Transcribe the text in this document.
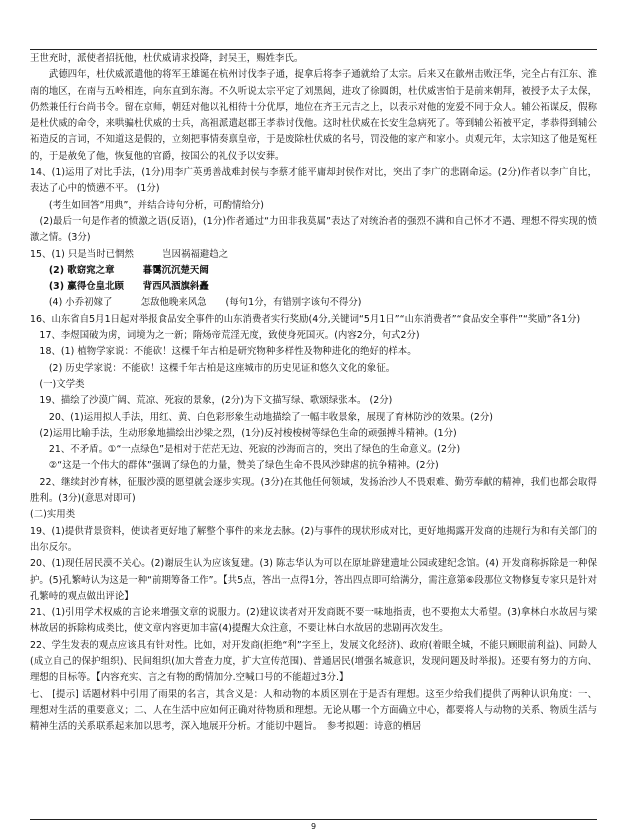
王世充时，派使者招抚他，杜伏威请求投降，封吴王，赐姓李氏。

　　武德四年，杜伏威派遣他的将军王雄诞在杭州讨伐李子通，捉拿后将李子通就给了太宗。后来又在歙州击败汪华，完全占有江东、淮南的地区，在南与五岭相连，向东直到东海。不久听说太宗平定了刘黑闼，进攻了徐圆朗，杜伏威害怕于是前来朝拜，被授予太子太保，仍然兼任行台尚书令。留在京师，朝廷对他以礼相待十分优厚，地位在齐王元吉之上，以表示对他的宠爱不同于众人。辅公祏谋反，假称是杜伏威的命令，来哄骗杜伏威的士兵，高祖派遣赵郡王孝恭讨伐他。这时杜伏威在长安生急病死了。等到辅公祏被平定，孝恭得到辅公祏造反的言词，不知道这是假的，立刻把事情奏禀皇帝，于是废除杜伏威的名号，罚没他的家产和家小。贞观元年，太宗知这了他是冤枉的，于是赦免了他，恢复他的官爵，按国公的礼仪予以安葬。

14、(1)运用了对比手法，(1分)用李广英勇善战难封侯与李蔡才能平庸却封侯作对比，突出了李广的悲剧命运。(2分)作者以李广自比，表达了心中的愤懑不平。 (1分)

　　(考生如回答“用典”，并结合诗句分析，可酌情给分)

　(2)最后一句是作者的愤激之语(反语)，(1分)作者通过“力田非我莫属”表达了对统治者的强烈不满和自己怀才不遇、理想不得实现的愤激之情。(3分)

15、(1) 只是当时已惘然　　　岂因祸福避趋之

　　(2) 歌窈窕之章　　　暮霭沉沉楚天阔

　　(3) 赢得仓皇北顾　　背西风酒旗斜矗

　　(4) 小乔初嫁了　　　怎敌他晚来风急　　(每句1分，有错别字该句不得分)

16、山东省自5月1日起对举报食品安全事件的山东消费者实行奖励(4分,关键词“5月1日”“山东消费者”“食品安全事件”“奖励”各1分)

　17、李煜国破为虏，词境为之一新；隋炀帝荒淫无度，致使身死国灭。(内容2分，句式2分)

　18、(1) 植物学家说：不能砍！这棵千年古柏是研究物种多样性及物种进化的绝好的样本。

　　(2) 历史学家说：不能砍！这棵千年古柏是这座城市的历史见证和悠久文化的象征。

　(一)文学类

　19、描绘了沙漠广阔、荒凉、死寂的景象，(2分)为下文描写绿、歌颂绿张本。 (2分)

　　20、(1)运用拟人手法，用红、黄、白色彩形象生动地描绘了一幅丰收景象，展现了育林防沙的效果。(2分)

　(2)运用比喻手法，生动形象地描绘出沙梁之烈，(1分)反衬梭梭树等绿色生命的顽强搏斗精神。(1分)

　　21、不矛盾。①“一点绿色”是相对于茫茫无边、死寂的沙海而言的，突出了绿色的生命意义。(2分)

　　②“这是一个伟大的群体”强调了绿色的力量，赞美了绿色生命不畏风沙肆虐的抗争精神。(2分)

　22、继续封沙育林，征服沙漠的愿望就会逐步实现。(3分)在其他任何领域，发扬治沙人不畏艰难、勤劳奉献的精神，我们也都会取得胜利。(3分)(意思对即可)

(二)实用类

19、(1)提供背景资料，使读者更好地了解整个事件的来龙去脉。(2)与事件的现状形成对比，更好地揭露开发商的违规行为和有关部门的出尔反尔。

20、(1)现任居民漠不关心。(2)谢辰生认为应该复建。(3) 陈志华认为可以在原址辟建遗址公园或建纪念馆。(4) 开发商称拆除是一种保护。(5)孔繁峙认为这是一种“前期筹备工作”。【共5点，答出一点得1分，答出四点即可给满分，需注意第⑥段那位文物修复专家只是针对孔繁峙的观点做出评论】

21、(1)引用学术权威的言论来增强文章的说服力。(2)建议读者对开发商既不要一味地指责，也不要抱太大希望。(3)拿林白水故居与梁林故居的拆除构成类比，使文章内容更加丰富(4)提醒大众注意，不要让林白水故居的悲剧再次发生。

22、学生发表的观点应该具有针对性。比如，对开发商(拒绝“利”字至上，发展文化经济)、政府(着眼全城，不能只顾眼前利益)、同龄人(成立自己的保护组织)、民间组织(加大普查力度，扩大宣传范围)、普通居民(增强名城意识，发现问题及时举报)。还要有努力的方向、理想的目标等。【内容充实、言之有物的酌情加分.空喊口号的不能超过3分.】

七、 [提示] 话题材料中引用了雨果的名言，其含义是：人和动物的本质区别在于是否有理想。这至少给我们提供了两种认识角度：一、理想对生活的重要意义；二、人在生活中应如何正确对待物质和理想。无论从哪一个方面确立中心，都要将人与动物的关系、物质生活与精神生活的关系联系起来加以思考，深入地展开分析。才能切中题旨。　参考拟题：诗意的栖居

9
